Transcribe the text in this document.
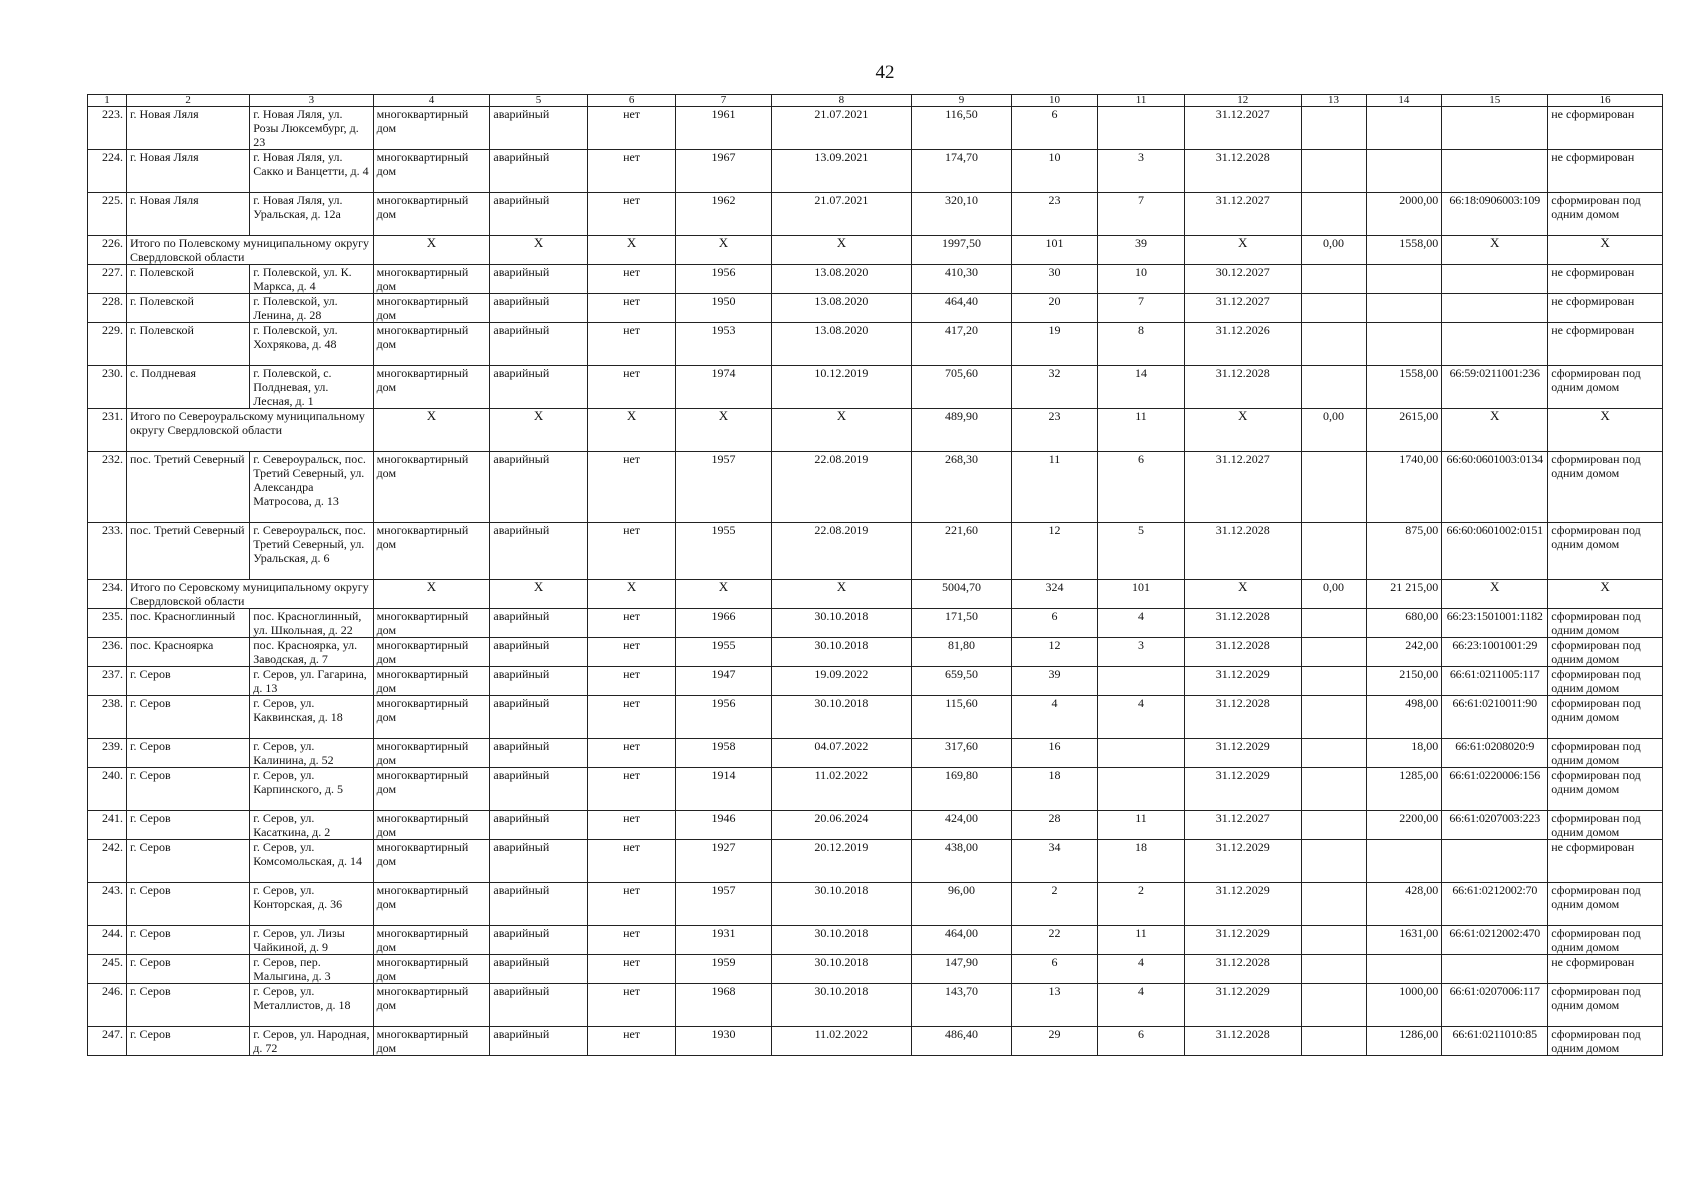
42
1	2	3	4	5	6	7	8	9	10	11	12	13	14	15	16
223.	г. Новая Ляля	г. Новая Ляля, ул. Розы Люксембург, д. 23	многоквартирный дом	аварийный	нет	1961	21.07.2021	116,50	6		31.12.2027				не сформирован
224.	г. Новая Ляля	г. Новая Ляля, ул. Сакко и Ванцетти, д. 4	многоквартирный дом	аварийный	нет	1967	13.09.2021	174,70	10	3	31.12.2028				не сформирован
225.	г. Новая Ляля	г. Новая Ляля, ул. Уральская, д. 12а	многоквартирный дом	аварийный	нет	1962	21.07.2021	320,10	23	7	31.12.2027		2000,00	66:18:0906003:109	сформирован под одним домом
226.	Итого по Полевскому муниципальному округу Свердловской области		X	X	X	X	X	1997,50	101	39	X	0,00	1558,00	X	X
227.	г. Полевской	г. Полевской, ул. К. Маркса, д. 4	многоквартирный дом	аварийный	нет	1956	13.08.2020	410,30	30	10	30.12.2027				не сформирован
228.	г. Полевской	г. Полевской, ул. Ленина, д. 28	многоквартирный дом	аварийный	нет	1950	13.08.2020	464,40	20	7	31.12.2027				не сформирован
229.	г. Полевской	г. Полевской, ул. Хохрякова, д. 48	многоквартирный дом	аварийный	нет	1953	13.08.2020	417,20	19	8	31.12.2026				не сформирован
230.	с. Полдневая	г. Полевской, с. Полдневая, ул. Лесная, д. 1	многоквартирный дом	аварийный	нет	1974	10.12.2019	705,60	32	14	31.12.2028		1558,00	66:59:0211001:236	сформирован под одним домом
231.	Итого по Североуральскому муниципальному округу Свердловской области		X	X	X	X	X	489,90	23	11	X	0,00	2615,00	X	X
232.	пос. Третий Северный	г. Североуральск, пос. Третий Северный, ул. Александра Матросова, д. 13	многоквартирный дом	аварийный	нет	1957	22.08.2019	268,30	11	6	31.12.2027		1740,00	66:60:0601003:0134	сформирован под одним домом
233.	пос. Третий Северный	г. Североуральск, пос. Третий Северный, ул. Уральская, д. 6	многоквартирный дом	аварийный	нет	1955	22.08.2019	221,60	12	5	31.12.2028		875,00	66:60:0601002:0151	сформирован под одним домом
234.	Итого по Серовскому муниципальному округу Свердловской области		X	X	X	X	X	5004,70	324	101	X	0,00	21 215,00	X	X
235.	пос. Красноглинный	пос. Красноглинный, ул. Школьная, д. 22	многоквартирный дом	аварийный	нет	1966	30.10.2018	171,50	6	4	31.12.2028		680,00	66:23:1501001:1182	сформирован под одним домом
236.	пос. Красноярка	пос. Красноярка, ул. Заводская, д. 7	многоквартирный дом	аварийный	нет	1955	30.10.2018	81,80	12	3	31.12.2028		242,00	66:23:1001001:29	сформирован под одним домом
237.	г. Серов	г. Серов, ул. Гагарина, д. 13	многоквартирный дом	аварийный	нет	1947	19.09.2022	659,50	39		31.12.2029		2150,00	66:61:0211005:117	сформирован под одним домом
238.	г. Серов	г. Серов, ул. Каквинская, д. 18	многоквартирный дом	аварийный	нет	1956	30.10.2018	115,60	4	4	31.12.2028		498,00	66:61:0210011:90	сформирован под одним домом
239.	г. Серов	г. Серов, ул. Калинина, д. 52	многоквартирный дом	аварийный	нет	1958	04.07.2022	317,60	16		31.12.2029		18,00	66:61:0208020:9	сформирован под одним домом
240.	г. Серов	г. Серов, ул. Карпинского, д. 5	многоквартирный дом	аварийный	нет	1914	11.02.2022	169,80	18		31.12.2029		1285,00	66:61:0220006:156	сформирован под одним домом
241.	г. Серов	г. Серов, ул. Касаткина, д. 2	многоквартирный дом	аварийный	нет	1946	20.06.2024	424,00	28	11	31.12.2027		2200,00	66:61:0207003:223	сформирован под одним домом
242.	г. Серов	г. Серов, ул. Комсомольская, д. 14	многоквартирный дом	аварийный	нет	1927	20.12.2019	438,00	34	18	31.12.2029				не сформирован
243.	г. Серов	г. Серов, ул. Конторская, д. 36	многоквартирный дом	аварийный	нет	1957	30.10.2018	96,00	2	2	31.12.2029		428,00	66:61:0212002:70	сформирован под одним домом
244.	г. Серов	г. Серов, ул. Лизы Чайкиной, д. 9	многоквартирный дом	аварийный	нет	1931	30.10.2018	464,00	22	11	31.12.2029		1631,00	66:61:0212002:470	сформирован под одним домом
245.	г. Серов	г. Серов, пер. Малыгина, д. 3	многоквартирный дом	аварийный	нет	1959	30.10.2018	147,90	6	4	31.12.2028				не сформирован
246.	г. Серов	г. Серов, ул. Металлистов, д. 18	многоквартирный дом	аварийный	нет	1968	30.10.2018	143,70	13	4	31.12.2029		1000,00	66:61:0207006:117	сформирован под одним домом
247.	г. Серов	г. Серов, ул. Народная, д. 72	многоквартирный дом	аварийный	нет	1930	11.02.2022	486,40	29	6	31.12.2028		1286,00	66:61:0211010:85	сформирован под одним домом
